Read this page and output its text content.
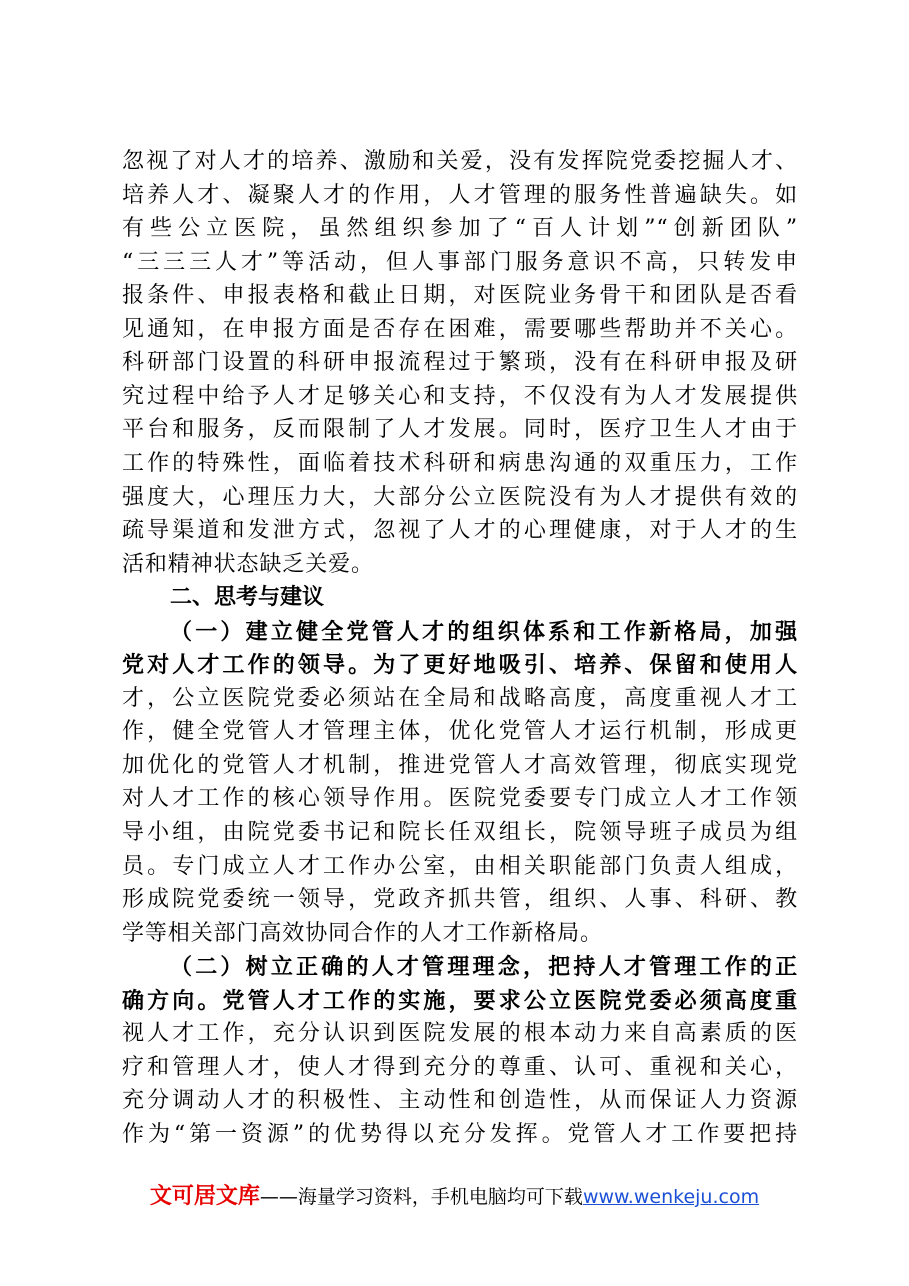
忽视了对人才的培养、激励和关爱，没有发挥院党委挖掘人才、
培养人才、凝聚人才的作用，人才管理的服务性普遍缺失。如
有些公立医院，虽然组织参加了“百人计划”“创新团队”
“三三三人才”等活动，但人事部门服务意识不高，只转发申
报条件、申报表格和截止日期，对医院业务骨干和团队是否看
见通知，在申报方面是否存在困难，需要哪些帮助并不关心。
科研部门设置的科研申报流程过于繁琐，没有在科研申报及研
究过程中给予人才足够关心和支持，不仅没有为人才发展提供
平台和服务，反而限制了人才发展。同时，医疗卫生人才由于
工作的特殊性，面临着技术科研和病患沟通的双重压力，工作
强度大，心理压力大，大部分公立医院没有为人才提供有效的
疏导渠道和发泄方式，忽视了人才的心理健康，对于人才的生
活和精神状态缺乏关爱。
二、思考与建议
（一）建立健全党管人才的组织体系和工作新格局，加强
党对人才工作的领导。为了更好地吸引、培养、保留和使用人
才，公立医院党委必须站在全局和战略高度，高度重视人才工
作，健全党管人才管理主体，优化党管人才运行机制，形成更
加优化的党管人才机制，推进党管人才高效管理，彻底实现党
对人才工作的核心领导作用。医院党委要专门成立人才工作领
导小组，由院党委书记和院长任双组长，院领导班子成员为组
员。专门成立人才工作办公室，由相关职能部门负责人组成，
形成院党委统一领导，党政齐抓共管，组织、人事、科研、教
学等相关部门高效协同合作的人才工作新格局。
（二）树立正确的人才管理理念，把持人才管理工作的正
确方向。党管人才工作的实施，要求公立医院党委必须高度重
视人才工作，充分认识到医院发展的根本动力来自高素质的医
疗和管理人才，使人才得到充分的尊重、认可、重视和关心，
充分调动人才的积极性、主动性和创造性，从而保证人力资源
作为“第一资源”的优势得以充分发挥。党管人才工作要把持
文可居文库——海量学习资料，手机电脑均可下载www.wenkeju.com
